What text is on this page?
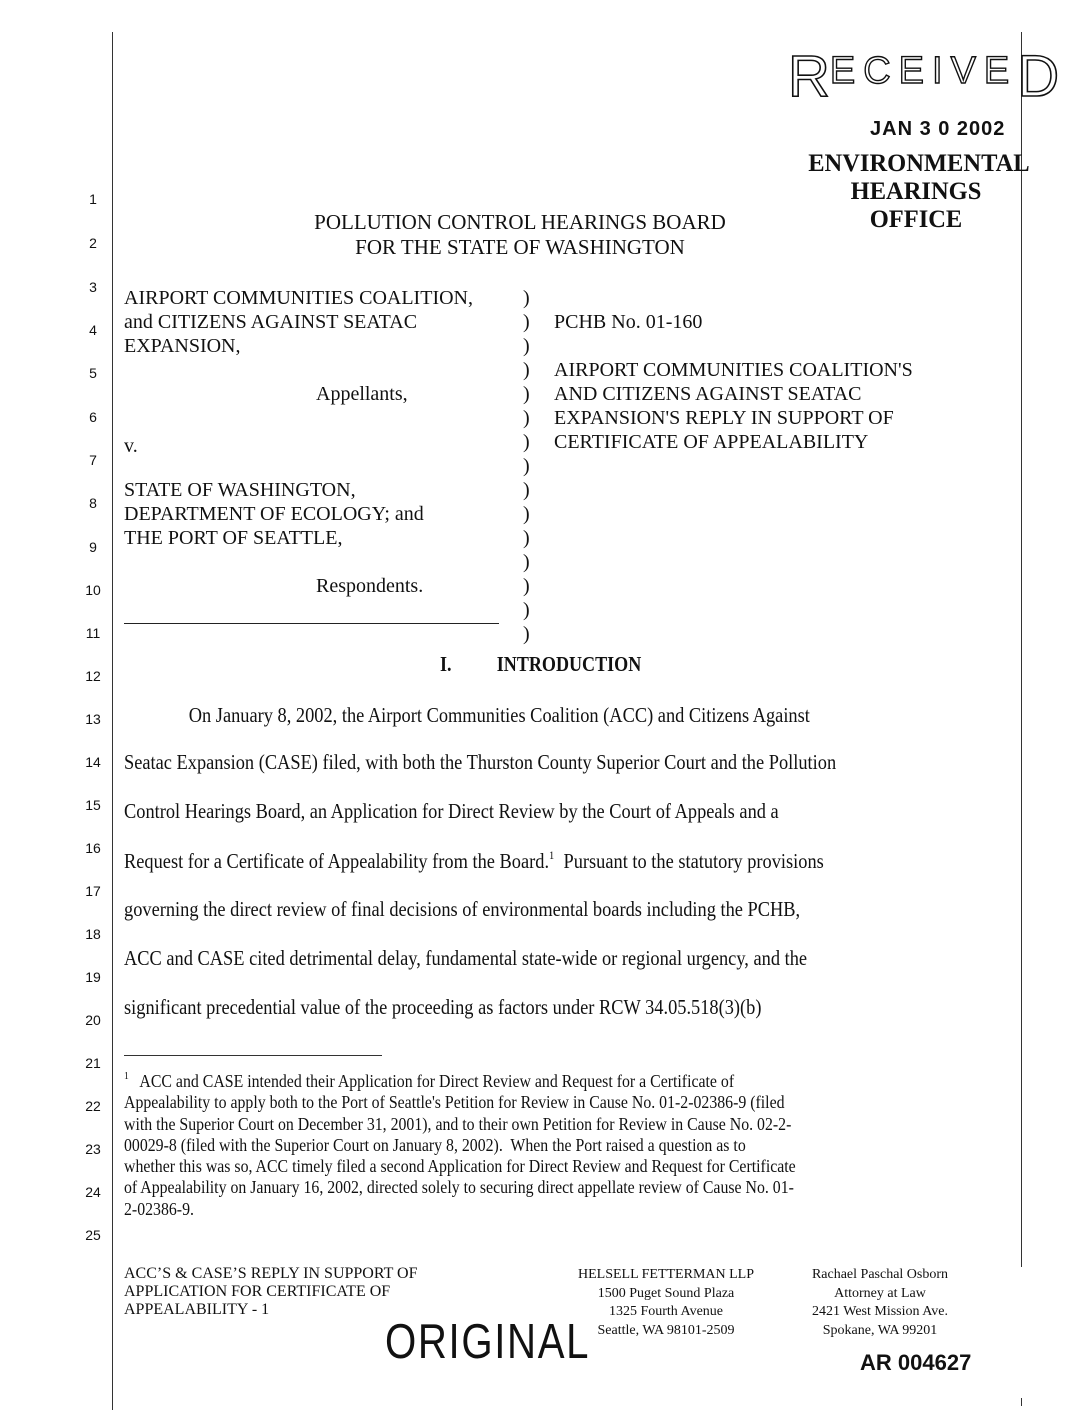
1
2
3
4
5
6
7
8
9
10
11
12
13
14
15
16
17
18
19
20
21
22
23
24
25
R ECEIVE D
JAN 3 0 2002
ENVIRONMENTAL
HEARINGS OFFICE
POLLUTION CONTROL HEARINGS BOARD
FOR THE STATE OF WASHINGTON
AIRPORT COMMUNITIES COALITION,
and CITIZENS AGAINST SEATAC
EXPANSION,
Appellants,
v.
STATE OF WASHINGTON,
DEPARTMENT OF ECOLOGY; and
THE PORT OF SEATTLE,
Respondents.
)
)
)
)
)
)
)
)
)
)
)
)
)
)
)
PCHB No. 01-160
AIRPORT COMMUNITIES COALITION'S
AND CITIZENS AGAINST SEATAC
EXPANSION'S REPLY IN SUPPORT OF
CERTIFICATE OF APPEALABILITY
I. INTRODUCTION
On January 8, 2002, the Airport Communities Coalition (ACC) and Citizens Against
Seatac Expansion (CASE) filed, with both the Thurston County Superior Court and the Pollution
Control Hearings Board, an Application for Direct Review by the Court of Appeals and a
Request for a Certificate of Appealability from the Board.$^1$  Pursuant to the statutory provisions
governing the direct review of final decisions of environmental boards including the PCHB,
ACC and CASE cited detrimental delay, fundamental state-wide or regional urgency, and the
significant precedential value of the proceeding as factors under RCW 34.05.518(3)(b)
$^1$ ACC and CASE intended their Application for Direct Review and Request for a Certificate of
Appealability to apply both to the Port of Seattle's Petition for Review in Cause No. 01-2-02386-9 (filed
with the Superior Court on December 31, 2001), and to their own Petition for Review in Cause No. 02-2-
00029-8 (filed with the Superior Court on January 8, 2002).  When the Port raised a question as to
whether this was so, ACC timely filed a second Application for Direct Review and Request for Certificate
of Appealability on January 16, 2002, directed solely to securing direct appellate review of Cause No. 01-
2-02386-9.
ACC’S & CASE’S REPLY IN SUPPORT OF
APPLICATION FOR CERTIFICATE OF
APPEALABILITY - 1
HELSELL FETTERMAN LLP
1500 Puget Sound Plaza
1325 Fourth Avenue
Seattle, WA 98101-2509
Rachael Paschal Osborn
Attorney at Law
2421 West Mission Ave.
Spokane, WA 99201
ORIGINAL	AR 004627
